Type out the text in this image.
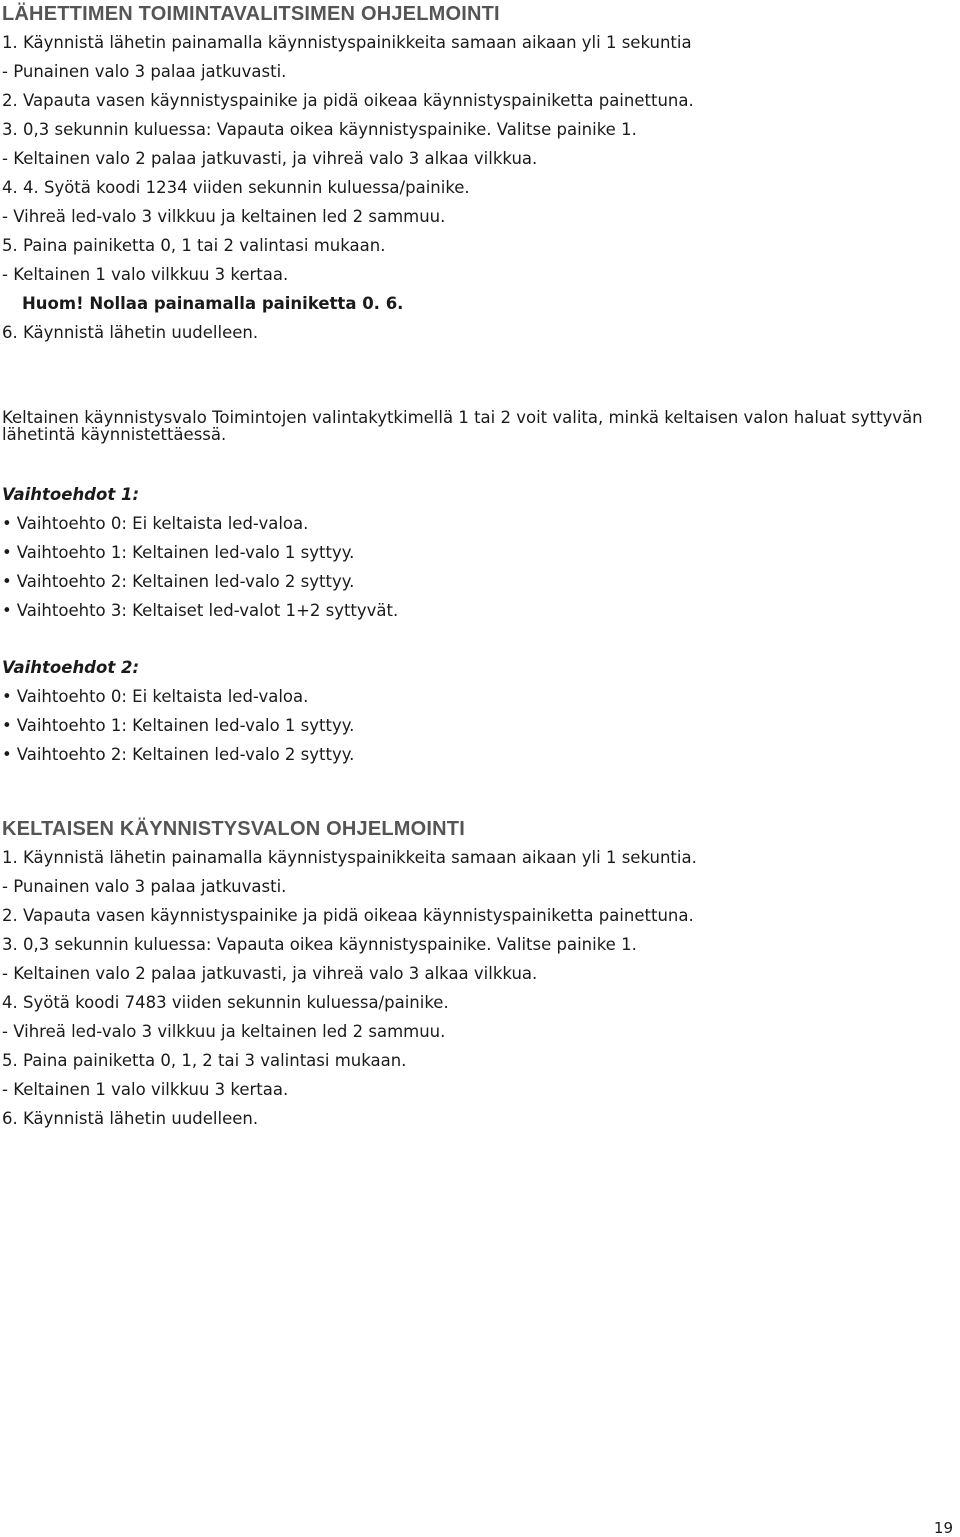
LÄHETTIMEN TOIMINTAVALITSIMEN OHJELMOINTI

1. Käynnistä lähetin painamalla käynnistyspainikkeita samaan aikaan yli 1 sekuntia

- Punainen valo 3 palaa jatkuvasti.

2. Vapauta vasen käynnistyspainike ja pidä oikeaa käynnistyspainiketta painettuna.

3. 0,3 sekunnin kuluessa: Vapauta oikea käynnistyspainike. Valitse painike 1.

- Keltainen valo 2 palaa jatkuvasti, ja vihreä valo 3 alkaa vilkkua.

4. 4. Syötä koodi 1234 viiden sekunnin kuluessa/painike.

- Vihreä led-valo 3 vilkkuu ja keltainen led 2 sammuu.

5. Paina painiketta 0, 1 tai 2 valintasi mukaan.

- Keltainen 1 valo vilkkuu 3 kertaa.

Huom! Nollaa painamalla painiketta 0. 6.

6. Käynnistä lähetin uudelleen.

Keltainen käynnistysvalo Toimintojen valintakytkimellä 1 tai 2 voit valita, minkä keltaisen valon haluat syttyvän lähetintä käynnistettäessä.

Vaihtoehdot 1:

• Vaihtoehto 0: Ei keltaista led-valoa.

• Vaihtoehto 1: Keltainen led-valo 1 syttyy.

• Vaihtoehto 2: Keltainen led-valo 2 syttyy.

• Vaihtoehto 3: Keltaiset led-valot 1+2 syttyvät.

Vaihtoehdot 2:

• Vaihtoehto 0: Ei keltaista led-valoa.

• Vaihtoehto 1: Keltainen led-valo 1 syttyy.

• Vaihtoehto 2: Keltainen led-valo 2 syttyy.

KELTAISEN KÄYNNISTYSVALON OHJELMOINTI

1. Käynnistä lähetin painamalla käynnistyspainikkeita samaan aikaan yli 1 sekuntia.

- Punainen valo 3 palaa jatkuvasti.

2. Vapauta vasen käynnistyspainike ja pidä oikeaa käynnistyspainiketta painettuna.

3. 0,3 sekunnin kuluessa: Vapauta oikea käynnistyspainike. Valitse painike 1.

- Keltainen valo 2 palaa jatkuvasti, ja vihreä valo 3 alkaa vilkkua.

4. Syötä koodi 7483 viiden sekunnin kuluessa/painike.

- Vihreä led-valo 3 vilkkuu ja keltainen led 2 sammuu.

5. Paina painiketta 0, 1, 2 tai 3 valintasi mukaan.

- Keltainen 1 valo vilkkuu 3 kertaa.

6. Käynnistä lähetin uudelleen.

19
